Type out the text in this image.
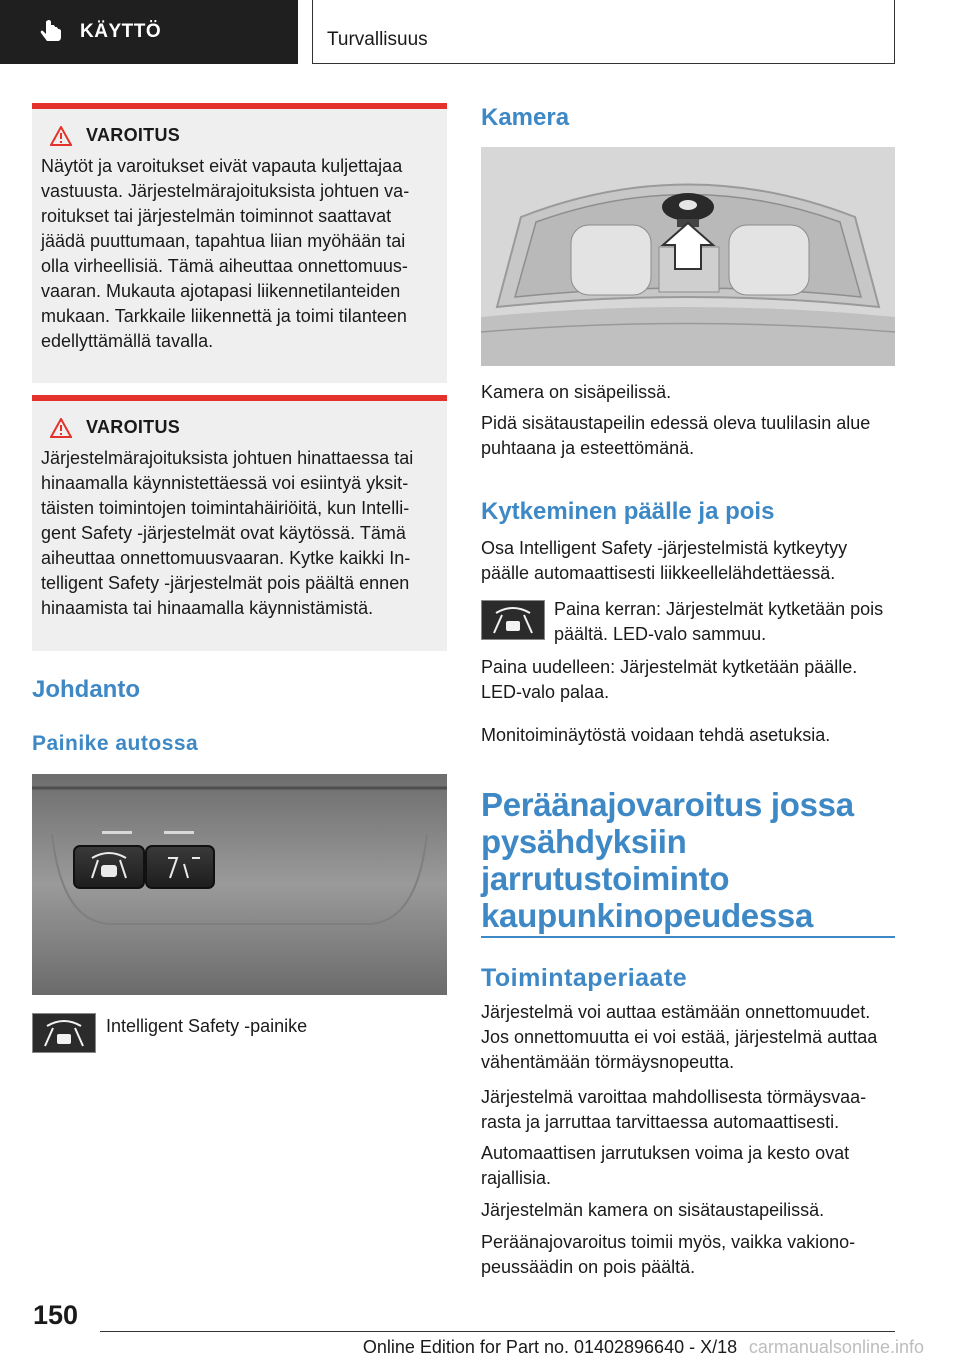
KÄYTTÖ	Turvallisuus
VAROITUS

Näytöt ja varoitukset eivät vapauta kuljettajaa vastuusta. Järjestelmärajoituksista johtuen varoitukset tai järjestelmän toiminnot saattavat jäädä puuttumaan, tapahtua liian myöhään tai olla virheellisiä. Tämä aiheuttaa onnettomuusvaaran. Mukauta ajotapasi liikennetilanteiden mukaan. Tarkkaile liikennettä ja toimi tilanteen edellyttämällä tavalla.

VAROITUS

Järjestelmärajoituksista johtuen hinattaessa tai hinaamalla käynnistettäessä voi esiintyä yksittäisten toimintojen toimintahäiriöitä, kun Intelligent Safety -järjestelmät ovat käytössä. Tämä aiheuttaa onnettomuusvaaran. Kytke kaikki Intelligent Safety -järjestelmät pois päältä ennen hinaamista tai hinaamalla käynnistämistä.

Johdanto
Painike autossa

Intelligent Safety -painike

Kamera

Kamera on sisäpeilissä.

Pidä sisätaustapeilin edessä oleva tuulilasin alue puhtaana ja esteettömänä.

Kytkeminen päälle ja pois

Osa Intelligent Safety -järjestelmistä kytkeytyy päälle automaattisesti liikkeellelähdettäessä.

Paina kerran: Järjestelmät kytketään pois päältä. LED-valo sammuu.

Paina uudelleen: Järjestelmät kytketään päälle. LED-valo palaa.

Monitoiminäytöstä voidaan tehdä asetuksia.

Peräänajovaroitus jossa pysähdyksiin jarrutustoiminto kaupunkinopeudessa
Toimintaperiaate

Järjestelmä voi auttaa estämään onnettomuudet. Jos onnettomuutta ei voi estää, järjestelmä auttaa vähentämään törmäysnopeutta.

Järjestelmä varoittaa mahdollisesta törmäysvaarasta ja jarruttaa tarvittaessa automaattisesti.

Automaattisen jarrutuksen voima ja kesto ovat rajallisia.

Järjestelmän kamera on sisätaustapeilissä.

Peräänajovaroitus toimii myös, vaikka vakionopeussäädin on pois päältä.

150
Online Edition for Part no. 01402896640 - X/18 carmanualsonline.info
